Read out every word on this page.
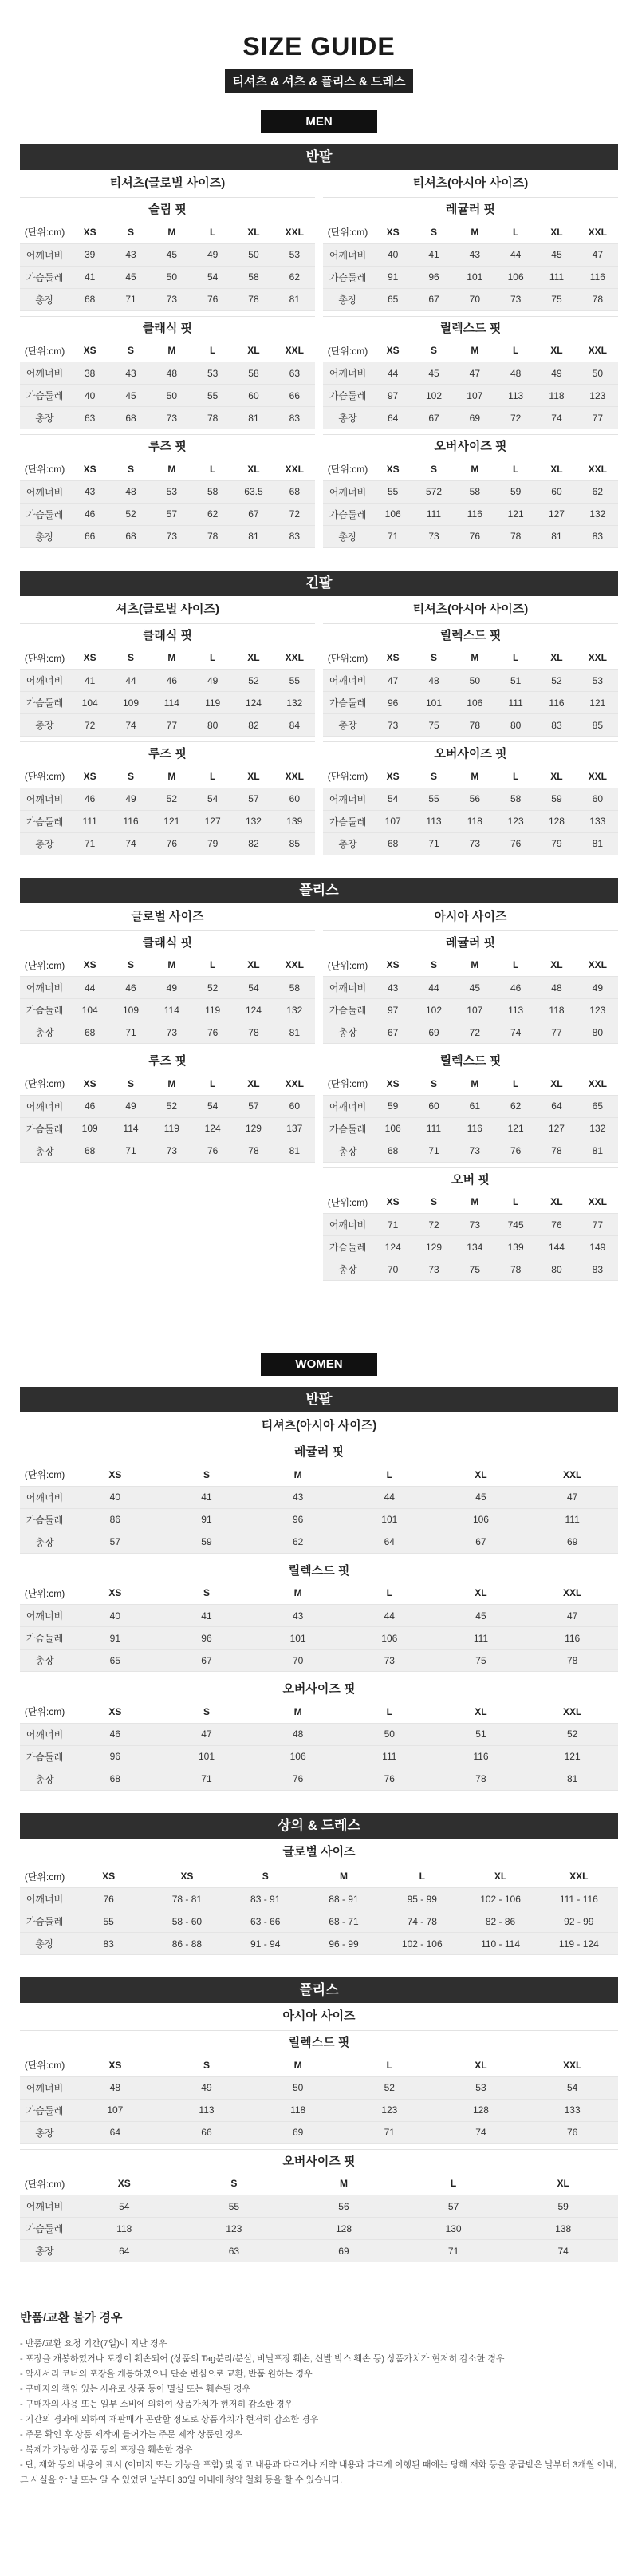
SIZE GUIDE
티셔츠 & 셔츠 & 플리스 & 드레스
MEN
반팔
티셔츠(글로벌 사이즈)
슬림 핏
(단위:cm)	XS	S	M	L	XL	XXL
어깨너비	39	43	45	49	50	53
가슴둘레	41	45	50	54	58	62
총장	68	71	73	76	78	81
클래식 핏
(단위:cm)	XS	S	M	L	XL	XXL
어깨너비	38	43	48	53	58	63
가슴둘레	40	45	50	55	60	66
총장	63	68	73	78	81	83
루즈 핏
(단위:cm)	XS	S	M	L	XL	XXL
어깨너비	43	48	53	58	63.5	68
가슴둘레	46	52	57	62	67	72
총장	66	68	73	78	81	83
티셔츠(아시아 사이즈)
레귤러 핏
(단위:cm)	XS	S	M	L	XL	XXL
어깨너비	40	41	43	44	45	47
가슴둘레	91	96	101	106	111	116
총장	65	67	70	73	75	78
릴렉스드 핏
(단위:cm)	XS	S	M	L	XL	XXL
어깨너비	44	45	47	48	49	50
가슴둘레	97	102	107	113	118	123
총장	64	67	69	72	74	77
오버사이즈 핏
(단위:cm)	XS	S	M	L	XL	XXL
어깨너비	55	572	58	59	60	62
가슴둘레	106	111	116	121	127	132
총장	71	73	76	78	81	83
긴팔
셔츠(글로벌 사이즈)
클래식 핏
(단위:cm)	XS	S	M	L	XL	XXL
어깨너비	41	44	46	49	52	55
가슴둘레	104	109	114	119	124	132
총장	72	74	77	80	82	84
루즈 핏
(단위:cm)	XS	S	M	L	XL	XXL
어깨너비	46	49	52	54	57	60
가슴둘레	111	116	121	127	132	139
총장	71	74	76	79	82	85
티셔츠(아시아 사이즈)
릴렉스드 핏
(단위:cm)	XS	S	M	L	XL	XXL
어깨너비	47	48	50	51	52	53
가슴둘레	96	101	106	111	116	121
총장	73	75	78	80	83	85
오버사이즈 핏
(단위:cm)	XS	S	M	L	XL	XXL
어깨너비	54	55	56	58	59	60
가슴둘레	107	113	118	123	128	133
총장	68	71	73	76	79	81
플리스
글로벌 사이즈
클래식 핏
(단위:cm)	XS	S	M	L	XL	XXL
어깨너비	44	46	49	52	54	58
가슴둘레	104	109	114	119	124	132
총장	68	71	73	76	78	81
루즈 핏
(단위:cm)	XS	S	M	L	XL	XXL
어깨너비	46	49	52	54	57	60
가슴둘레	109	114	119	124	129	137
총장	68	71	73	76	78	81
아시아 사이즈
레귤러 핏
(단위:cm)	XS	S	M	L	XL	XXL
어깨너비	43	44	45	46	48	49
가슴둘레	97	102	107	113	118	123
총장	67	69	72	74	77	80
릴렉스드 핏
(단위:cm)	XS	S	M	L	XL	XXL
어깨너비	59	60	61	62	64	65
가슴둘레	106	111	116	121	127	132
총장	68	71	73	76	78	81
오버 핏
(단위:cm)	XS	S	M	L	XL	XXL
어깨너비	71	72	73	745	76	77
가슴둘레	124	129	134	139	144	149
총장	70	73	75	78	80	83
WOMEN
반팔
티셔츠(아시아 사이즈)
레귤러 핏
(단위:cm)	XS	S	M	L	XL	XXL
어깨너비	40	41	43	44	45	47
가슴둘레	86	91	96	101	106	111
총장	57	59	62	64	67	69
릴렉스드 핏
(단위:cm)	XS	S	M	L	XL	XXL
어깨너비	40	41	43	44	45	47
가슴둘레	91	96	101	106	111	116
총장	65	67	70	73	75	78
오버사이즈 핏
(단위:cm)	XS	S	M	L	XL	XXL
어깨너비	46	47	48	50	51	52
가슴둘레	96	101	106	111	116	121
총장	68	71	76	76	78	81
상의 & 드레스
글로벌 사이즈
(단위:cm)	XS	XS	S	M	L	XL	XXL
어깨너비	76	78 - 81	83 - 91	88 - 91	95 - 99	102 - 106	111 - 116
가슴둘레	55	58 - 60	63 - 66	68 - 71	74 - 78	82 - 86	92 - 99
총장	83	86 - 88	91 - 94	96 - 99	102 - 106	110 - 114	119 - 124
플리스
아시아 사이즈
릴렉스드 핏
(단위:cm)	XS	S	M	L	XL	XXL
어깨너비	48	49	50	52	53	54
가슴둘레	107	113	118	123	128	133
총장	64	66	69	71	74	76
오버사이즈 핏
(단위:cm)	XS	S	M	L	XL
어깨너비	54	55	56	57	59
가슴둘레	118	123	128	130	138
총장	64	63	69	71	74
반품/교환 불가 경우
- 반품/교환 요청 기간(7일)이 지난 경우
- 포장을 개봉하였거나 포장이 훼손되어 (상품의 Tag분리/분실, 비닐포장 훼손, 신발 박스 훼손 등) 상품가치가 현저히 감소한 경우
- 악세서리 코너의 포장을 개봉하였으나 단순 변심으로 교환, 반품 원하는 경우
- 구매자의 책임 있는 사유로 상품 등이 멸실 또는 훼손된 경우
- 구매자의 사용 또는 일부 소비에 의하여 상품가치가 현저히 감소한 경우
- 기간의 경과에 의하여 재판매가 곤란할 정도로 상품가치가 현저히 감소한 경우
- 주문 확인 후 상품 제작에 들어가는 주문 제작 상품인 경우
- 복제가 가능한 상품 등의 포장을 훼손한 경우
- 단, 재화 등의 내용이 표시 (이미지 또는 기능을 포함) 및 광고 내용과 다르거나 계약 내용과 다르게 이행된 때에는 당해 재화 등을 공급받은 날부터 3개월 이내,
그 사실을 안 날 또는 알 수 있었던 날부터 30일 이내에 청약 철회 등을 할 수 있습니다.
